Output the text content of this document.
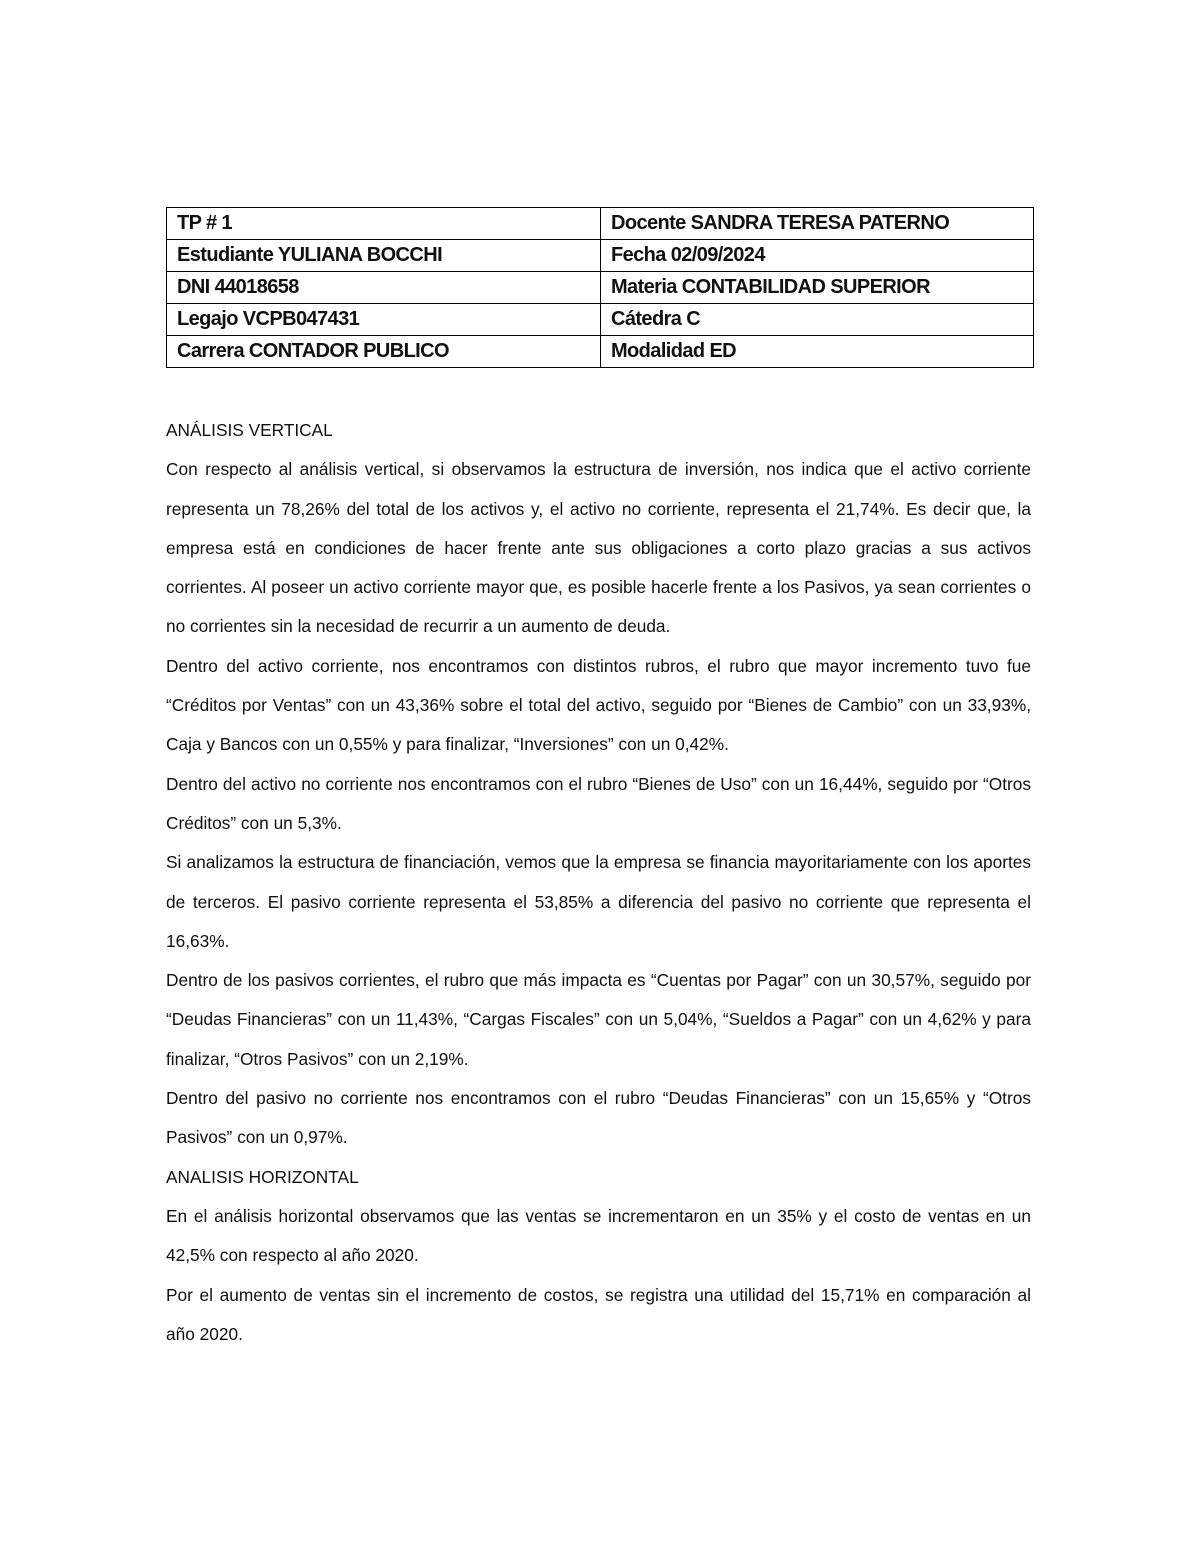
TP # 1	Docente SANDRA TERESA PATERNO
Estudiante YULIANA BOCCHI	Fecha 02/09/2024
DNI 44018658	Materia CONTABILIDAD SUPERIOR
Legajo VCPB047431	Cátedra C
Carrera CONTADOR PUBLICO	Modalidad ED

ANÁLISIS VERTICAL

Con respecto al análisis vertical, si observamos la estructura de inversión, nos indica que el activo corriente representa un 78,26% del total de los activos y, el activo no corriente, representa el 21,74%. Es decir que, la empresa está en condiciones de hacer frente ante sus obligaciones a corto plazo gracias a sus activos corrientes. Al poseer un activo corriente mayor que, es posible hacerle frente a los Pasivos, ya sean corrientes o no corrientes sin la necesidad de recurrir a un aumento de deuda.

Dentro del activo corriente, nos encontramos con distintos rubros, el rubro que mayor incremento tuvo fue “Créditos por Ventas” con un 43,36% sobre el total del activo, seguido por “Bienes de Cambio” con un 33,93%, Caja y Bancos con un 0,55% y para finalizar, “Inversiones” con un 0,42%.

Dentro del activo no corriente nos encontramos con el rubro “Bienes de Uso” con un 16,44%, seguido por “Otros Créditos” con un 5,3%.

Si analizamos la estructura de financiación, vemos que la empresa se financia mayoritariamente con los aportes de terceros. El pasivo corriente representa el 53,85% a diferencia del pasivo no corriente que representa el 16,63%.

Dentro de los pasivos corrientes, el rubro que más impacta es “Cuentas por Pagar” con un 30,57%, seguido por “Deudas Financieras” con un 11,43%, “Cargas Fiscales” con un 5,04%, “Sueldos a Pagar” con un 4,62% y para finalizar, “Otros Pasivos” con un 2,19%.

Dentro del pasivo no corriente nos encontramos con el rubro “Deudas Financieras” con un 15,65% y “Otros Pasivos” con un 0,97%.

ANALISIS HORIZONTAL

En el análisis horizontal observamos que las ventas se incrementaron en un 35% y el costo de ventas en un 42,5% con respecto al año 2020.

Por el aumento de ventas sin el incremento de costos, se registra una utilidad del 15,71% en comparación al año 2020.
